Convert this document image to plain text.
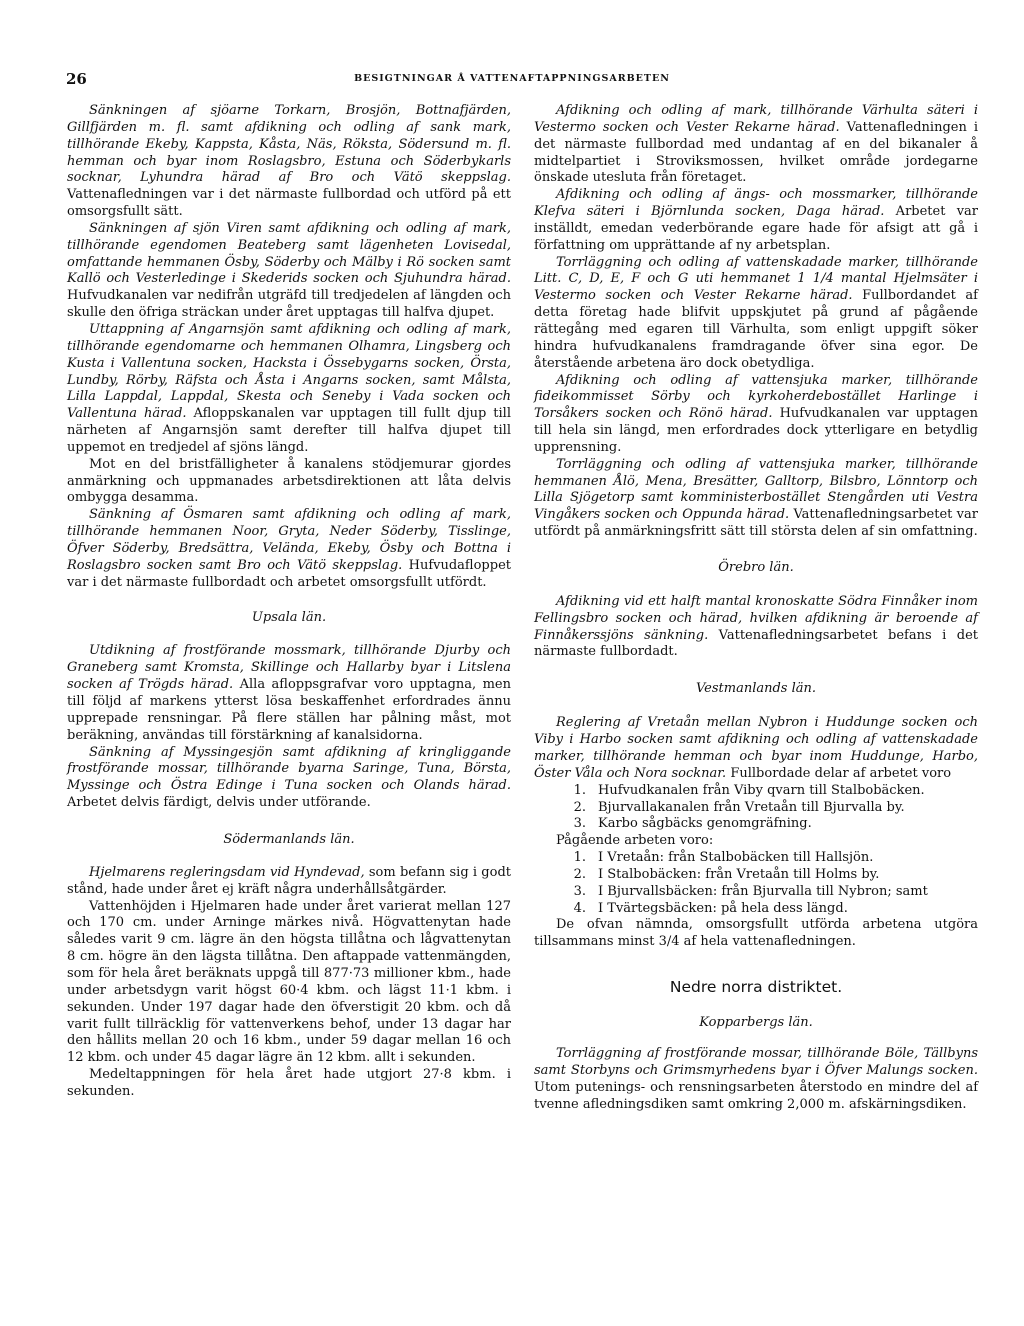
26	BESIGTNINGAR Å VATTENAFTAPPNINGSARBETEN

Sänkningen af sjöarne Torkarn, Brosjön, Bottnafjärden, Gillfjärden m. fl. samt afdikning och odling af sank mark, tillhörande Ekeby, Kappsta, Kåsta, Näs, Röksta, Södersund m. fl. hemman och byar inom Roslagsbro, Estuna och Söderbykarls socknar, Lyhundra härad af Bro och Vätö skeppslag. Vattenafledningen var i det närmaste fullbordad och utförd på ett omsorgsfullt sätt.

Sänkningen af sjön Viren samt afdikning och odling af mark, tillhörande egendomen Beateberg samt lägenheten Lovisedal, omfattande hemmanen Ösby, Söderby och Mälby i Rö socken samt Kallö och Vesterledinge i Skederids socken och Sjuhundra härad. Hufvudkanalen var nedifrån utgräfd till tredjedelen af längden och skulle den öfriga sträckan under året upptagas till halfva djupet.

Uttappning af Angarnsjön samt afdikning och odling af mark, tillhörande egendomarne och hemmanen Olhamra, Lingsberg och Kusta i Vallentuna socken, Hacksta i Össebygarns socken, Örsta, Lundby, Rörby, Räfsta och Åsta i Angarns socken, samt Målsta, Lilla Lappdal, Lappdal, Skesta och Seneby i Vada socken och Vallentuna härad. Afloppskanalen var upptagen till fullt djup till närheten af Angarnsjön samt derefter till halfva djupet till uppemot en tredjedel af sjöns längd.

Mot en del bristfälligheter å kanalens stödjemurar gjordes anmärkning och uppmanades arbetsdirektionen att låta delvis ombygga desamma.

Sänkning af Ösmaren samt afdikning och odling af mark, tillhörande hemmanen Noor, Gryta, Neder Söderby, Tisslinge, Öfver Söderby, Bredsättra, Velända, Ekeby, Ösby och Bottna i Roslagsbro socken samt Bro och Vätö skeppslag. Hufvudafloppet var i det närmaste fullbordadt och arbetet omsorgsfullt utfördt.

Upsala län.

Utdikning af frostförande mossmark, tillhörande Djurby och Graneberg samt Kromsta, Skillinge och Hallarby byar i Litslena socken af Trögds härad. Alla afloppsgrafvar voro upptagna, men till följd af markens ytterst lösa beskaffenhet erfordrades ännu upprepade rensningar. På flere ställen har pålning måst, mot beräkning, användas till förstärkning af kanalsidorna.

Sänkning af Myssingesjön samt afdikning af kringliggande frostförande mossar, tillhörande byarna Saringe, Tuna, Börsta, Myssinge och Östra Edinge i Tuna socken och Olands härad. Arbetet delvis färdigt, delvis under utförande.

Södermanlands län.

Hjelmarens regleringsdam vid Hyndevad, som befann sig i godt stånd, hade under året ej kräft några underhållsåtgärder.

Vattenhöjden i Hjelmaren hade under året varierat mellan 127 och 170 cm. under Arninge märkes nivå. Högvattenytan hade således varit 9 cm. lägre än den högsta tillåtna och lågvattenytan 8 cm. högre än den lägsta tillåtna. Den aftappade vattenmängden, som för hela året beräknats uppgå till 877·73 millioner kbm., hade under arbetsdygn varit högst 60·4 kbm. och lägst 11·1 kbm. i sekunden. Under 197 dagar hade den öfverstigit 20 kbm. och då varit fullt tillräcklig för vattenverkens behof, under 13 dagar har den hållits mellan 20 och 16 kbm., under 59 dagar mellan 16 och 12 kbm. och under 45 dagar lägre än 12 kbm. allt i sekunden.

Medeltappningen för hela året hade utgjort 27·8 kbm. i sekunden.

Afdikning och odling af mark, tillhörande Värhulta säteri i Vestermo socken och Vester Rekarne härad. Vattenafledningen i det närmaste fullbordad med undantag af en del bikanaler å midtelpartiet i Stroviksmossen, hvilket område jordegarne önskade utesluta från företaget.

Afdikning och odling af ängs- och mossmarker, tillhörande Klefva säteri i Björnlunda socken, Daga härad. Arbetet var inställdt, emedan vederbörande egare hade för afsigt att gå i författning om upprättande af ny arbetsplan.

Torrläggning och odling af vattenskadade marker, tillhörande Litt. C, D, E, F och G uti hemmanet 1 1/4 mantal Hjelmsäter i Vestermo socken och Vester Rekarne härad. Fullbordandet af detta företag hade blifvit uppskjutet på grund af pågående rättegång med egaren till Värhulta, som enligt uppgift söker hindra hufvudkanalens framdragande öfver sina egor. De återstående arbetena äro dock obetydliga.

Afdikning och odling af vattensjuka marker, tillhörande fideikommisset Sörby och kyrkoherdebostället Harlinge i Torsåkers socken och Rönö härad. Hufvudkanalen var upptagen till hela sin längd, men erfordrades dock ytterligare en betydlig upprensning.

Torrläggning och odling af vattensjuka marker, tillhörande hemmanen Ålö, Mena, Bresätter, Galltorp, Bilsbro, Lönntorp och Lilla Sjögetorp samt komministerbostället Stengården uti Vestra Vingåkers socken och Oppunda härad. Vattenafledningsarbetet var utfördt på anmärkningsfritt sätt till största delen af sin omfattning.

Örebro län.

Afdikning vid ett halft mantal kronoskatte Södra Finnåker inom Fellingsbro socken och härad, hvilken afdikning är beroende af Finnåkerssjöns sänkning. Vattenafledningsarbetet befans i det närmaste fullbordadt.

Vestmanlands län.

Reglering af Vretaån mellan Nybron i Huddunge socken och Viby i Harbo socken samt afdikning och odling af vattenskadade marker, tillhörande hemman och byar inom Huddunge, Harbo, Öster Våla och Nora socknar. Fullbordade delar af arbetet voro

1. Hufvudkanalen från Viby qvarn till Stalbobäcken.
2. Bjurvallakanalen från Vretaån till Bjurvalla by.
3. Karbo sågbäcks genomgräfning.

Pågående arbeten voro:

1. I Vretaån: från Stalbobäcken till Hallsjön.
2. I Stalbobäcken: från Vretaån till Holms by.
3. I Bjurvallsbäcken: från Bjurvalla till Nybron; samt
4. I Tvärtegsbäcken: på hela dess längd.

De ofvan nämnda, omsorgsfullt utförda arbetena utgöra tillsammans minst 3/4 af hela vattenafledningen.

Nedre norra distriktet.
Kopparbergs län.

Torrläggning af frostförande mossar, tillhörande Böle, Tällbyns samt Storbyns och Grimsmyrhedens byar i Öfver Malungs socken. Utom putenings- och rensningsarbeten återstodo en mindre del af tvenne afledningsdiken samt omkring 2,000 m. afskärningsdiken.
